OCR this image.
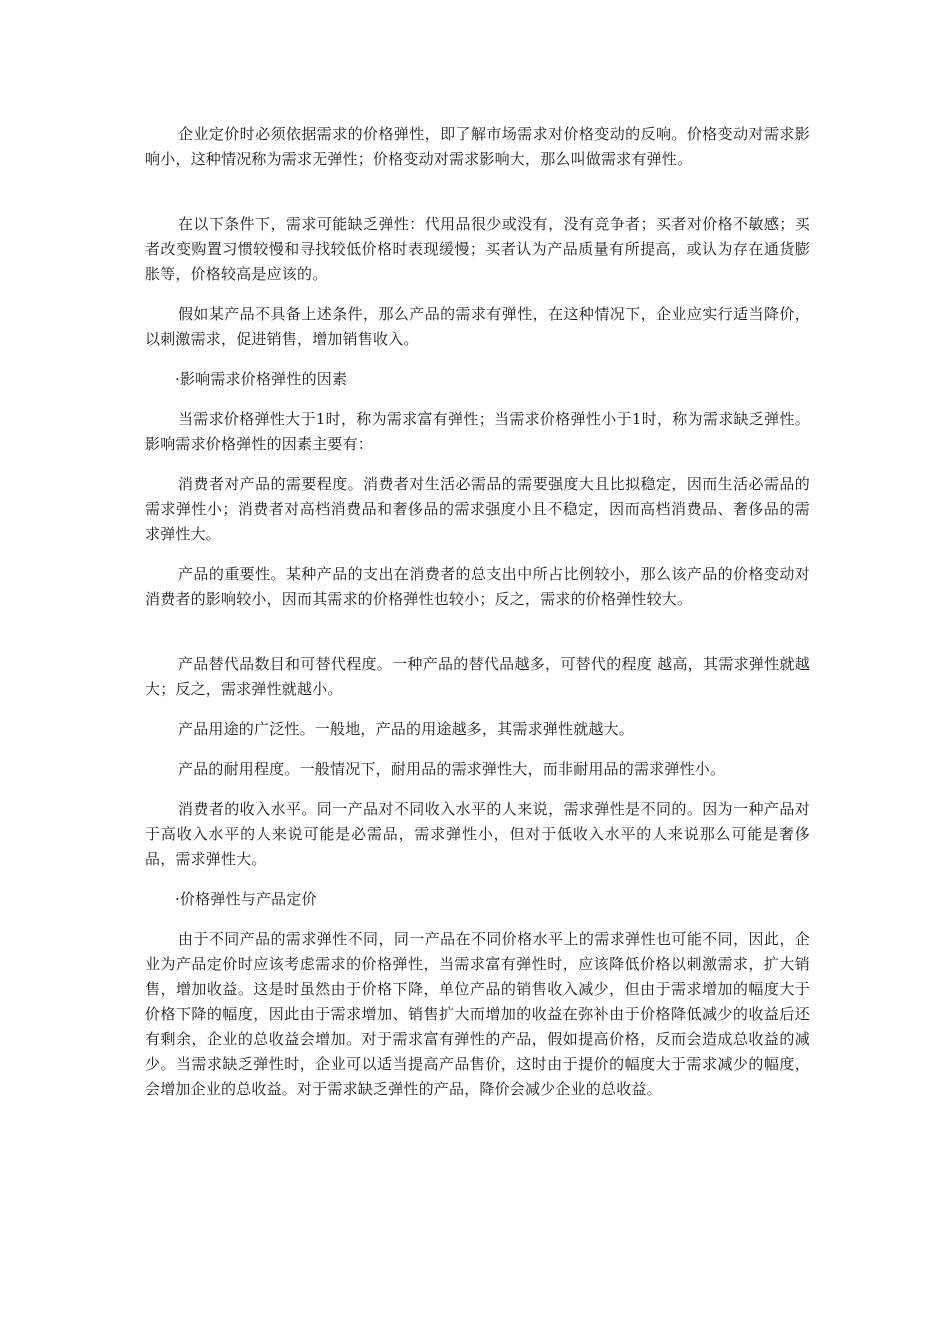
企业定价时必须依据需求的价格弹性，即了解市场需求对价格变动的反响。价格变动对需求影响小，这种情况称为需求无弹性；价格变动对需求影响大，那么叫做需求有弹性。

在以下条件下，需求可能缺乏弹性：代用品很少或没有，没有竞争者；买者对价格不敏感；买者改变购置习惯较慢和寻找较低价格时表现缓慢；买者认为产品质量有所提高，或认为存在通货膨胀等，价格较高是应该的。

假如某产品不具备上述条件，那么产品的需求有弹性，在这种情况下，企业应实行适当降价，以刺激需求，促进销售，增加销售收入。

·影响需求价格弹性的因素

当需求价格弹性大于1时，称为需求富有弹性；当需求价格弹性小于1时，称为需求缺乏弹性。影响需求价格弹性的因素主要有：

消费者对产品的需要程度。消费者对生活必需品的需要强度大且比拟稳定，因而生活必需品的需求弹性小；消费者对高档消费品和奢侈品的需求强度小且不稳定，因而高档消费品、奢侈品的需求弹性大。

产品的重要性。某种产品的支出在消费者的总支出中所占比例较小，那么该产品的价格变动对消费者的影响较小，因而其需求的价格弹性也较小；反之，需求的价格弹性较大。

产品替代品数目和可替代程度。一种产品的替代品越多，可替代的程度 越高，其需求弹性就越大；反之，需求弹性就越小。

产品用途的广泛性。一般地，产品的用途越多，其需求弹性就越大。

产品的耐用程度。一般情况下，耐用品的需求弹性大，而非耐用品的需求弹性小。

消费者的收入水平。同一产品对不同收入水平的人来说，需求弹性是不同的。因为一种产品对于高收入水平的人来说可能是必需品，需求弹性小，但对于低收入水平的人来说那么可能是奢侈品，需求弹性大。

·价格弹性与产品定价

由于不同产品的需求弹性不同，同一产品在不同价格水平上的需求弹性也可能不同，因此，企业为产品定价时应该考虑需求的价格弹性，当需求富有弹性时，应该降低价格以刺激需求，扩大销售，增加收益。这是时虽然由于价格下降，单位产品的销售收入减少，但由于需求增加的幅度大于价格下降的幅度，因此由于需求增加、销售扩大而增加的收益在弥补由于价格降低减少的收益后还有剩余，企业的总收益会增加。对于需求富有弹性的产品，假如提高价格，反而会造成总收益的减少。当需求缺乏弹性时，企业可以适当提高产品售价，这时由于提价的幅度大于需求减少的幅度，会增加企业的总收益。对于需求缺乏弹性的产品，降价会减少企业的总收益。
